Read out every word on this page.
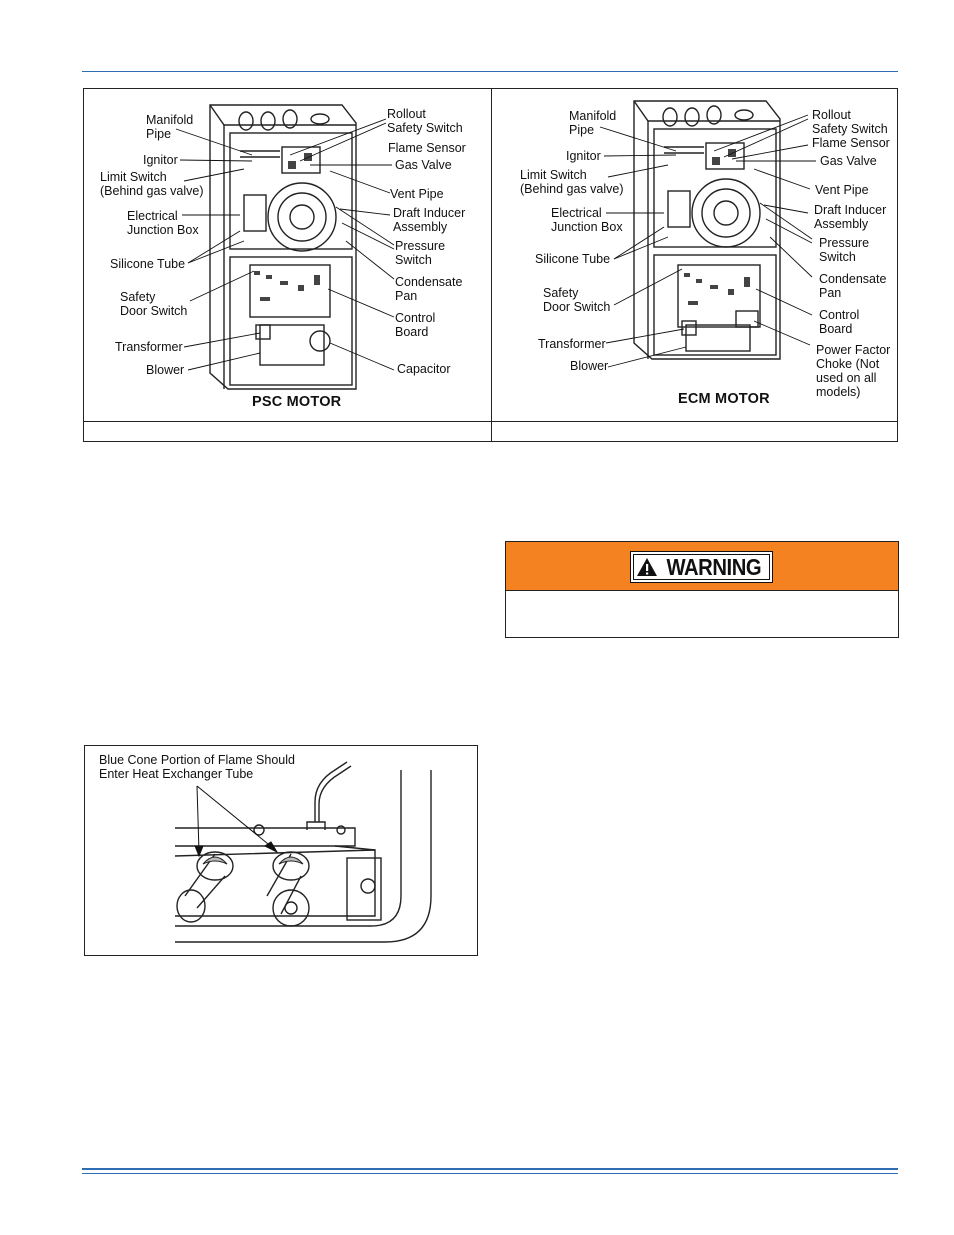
Manifold
Pipe
Rollout
Safety Switch
Flame Sensor
Ignitor	Gas Valve
Limit Switch
(Behind gas valve)	Vent Pipe
Electrical
Junction Box
Draft Inducer
Assembly
Pressure
Switch
Silicone Tube
Condensate
Pan
Safety
Door Switch	Control
Board
Transformer
Blower	Capacitor
PSC MOTOR
Manifold
Pipe
Rollout
Safety Switch
Flame Sensor
Ignitor	Gas Valve
Limit Switch
(Behind gas valve)	Vent Pipe
Electrical
Junction Box
Draft Inducer
Assembly
Pressure
Switch
Silicone Tube
Condensate
Pan
Safety
Door Switch
Control
Board
Transformer
Blower
Power Factor
Choke (Not
used on all
models)
ECM MOTOR
WARNING
Blue Cone Portion of Flame Should
Enter Heat Exchanger Tube
